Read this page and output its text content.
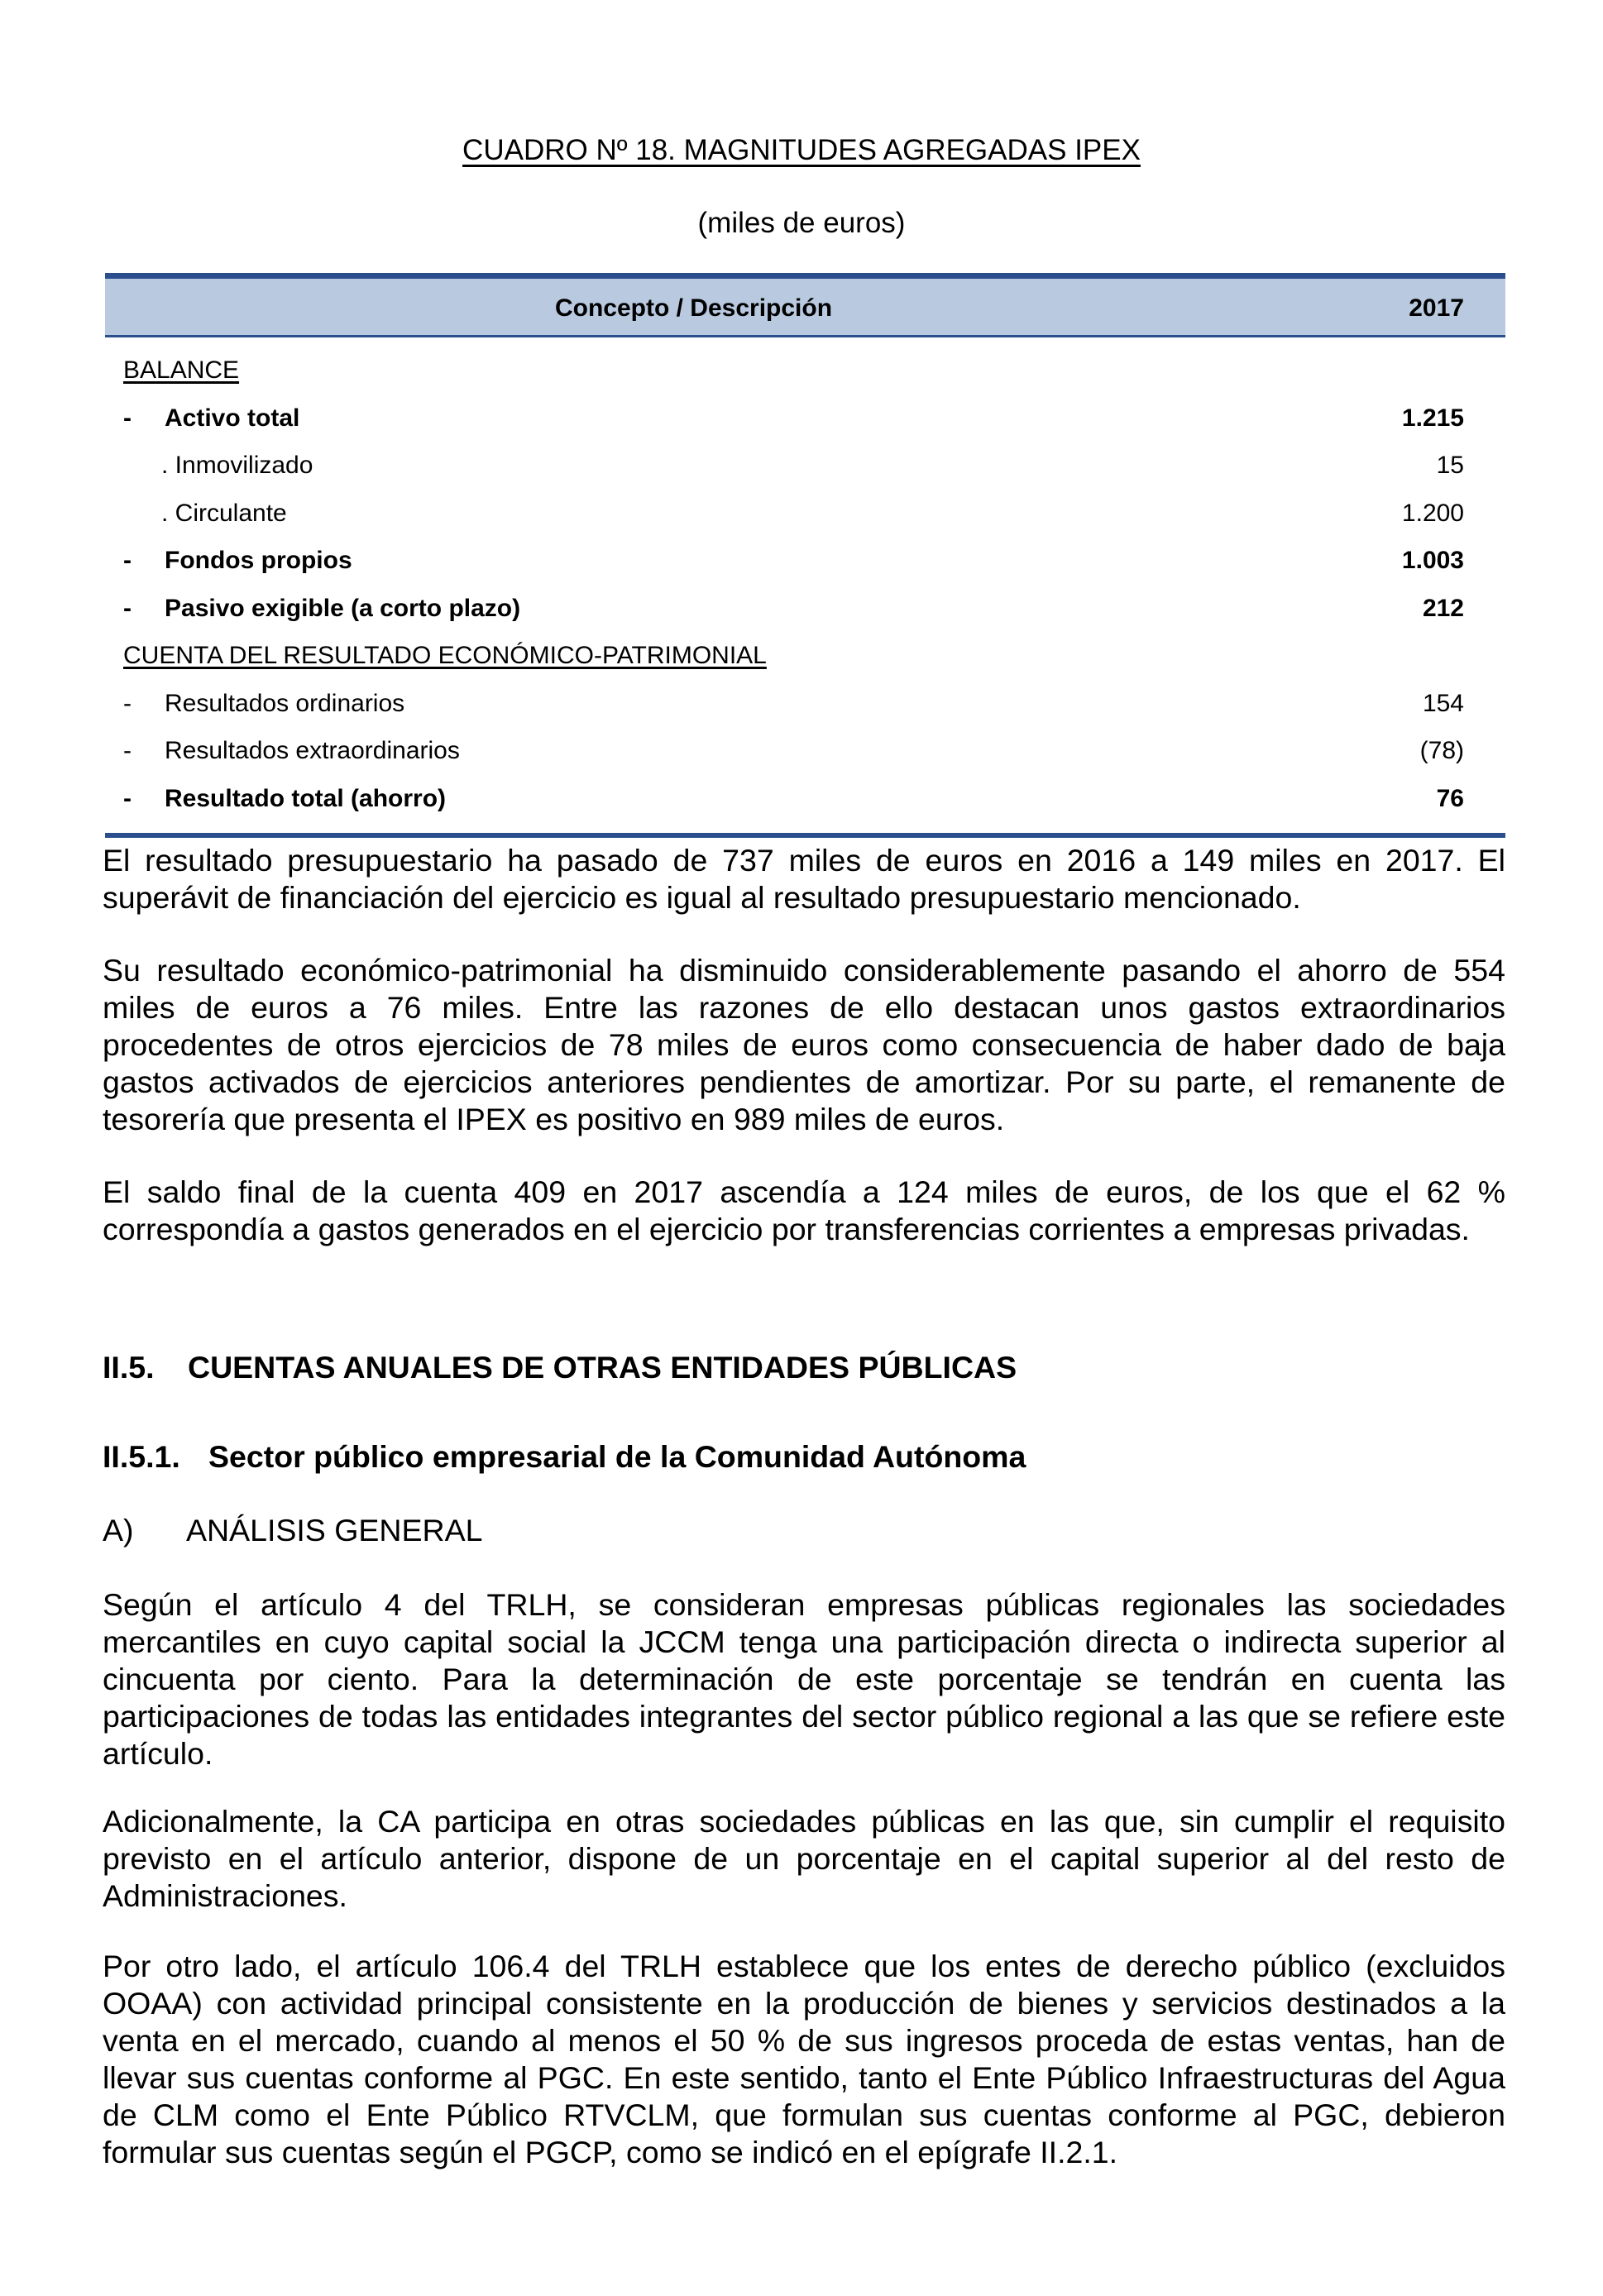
CUADRO Nº 18. MAGNITUDES AGREGADAS IPEX
(miles de euros)
Concepto / Descripción	2017
BALANCE
- Activo total	1.215
. Inmovilizado	15
. Circulante	1.200
- Fondos propios	1.003
- Pasivo exigible (a corto plazo)	212
CUENTA DEL RESULTADO ECONÓMICO-PATRIMONIAL
- Resultados ordinarios	154
- Resultados extraordinarios	(78)
- Resultado total (ahorro)	76

El resultado presupuestario ha pasado de 737 miles de euros en 2016 a 149 miles en 2017. El superávit de financiación del ejercicio es igual al resultado presupuestario mencionado.

Su resultado económico-patrimonial ha disminuido considerablemente pasando el ahorro de 554 miles de euros a 76 miles. Entre las razones de ello destacan unos gastos extraordinarios procedentes de otros ejercicios de 78 miles de euros como consecuencia de haber dado de baja gastos activados de ejercicios anteriores pendientes de amortizar. Por su parte, el remanente de tesorería que presenta el IPEX es positivo en 989 miles de euros.

El saldo final de la cuenta 409 en 2017 ascendía a 124 miles de euros, de los que el 62 % correspondía a gastos generados en el ejercicio por transferencias corrientes a empresas privadas.

II.5. CUENTAS ANUALES DE OTRAS ENTIDADES PÚBLICAS
II.5.1. Sector público empresarial de la Comunidad Autónoma
A) ANÁLISIS GENERAL

Según el artículo 4 del TRLH, se consideran empresas públicas regionales las sociedades mercantiles en cuyo capital social la JCCM tenga una participación directa o indirecta superior al cincuenta por ciento. Para la determinación de este porcentaje se tendrán en cuenta las participaciones de todas las entidades integrantes del sector público regional a las que se refiere este artículo.

Adicionalmente, la CA participa en otras sociedades públicas en las que, sin cumplir el requisito previsto en el artículo anterior, dispone de un porcentaje en el capital superior al del resto de Administraciones.

Por otro lado, el artículo 106.4 del TRLH establece que los entes de derecho público (excluidos OOAA) con actividad principal consistente en la producción de bienes y servicios destinados a la venta en el mercado, cuando al menos el 50 % de sus ingresos proceda de estas ventas, han de llevar sus cuentas conforme al PGC. En este sentido, tanto el Ente Público Infraestructuras del Agua de CLM como el Ente Público RTVCLM, que formulan sus cuentas conforme al PGC, debieron formular sus cuentas según el PGCP, como se indicó en el epígrafe II.2.1.
